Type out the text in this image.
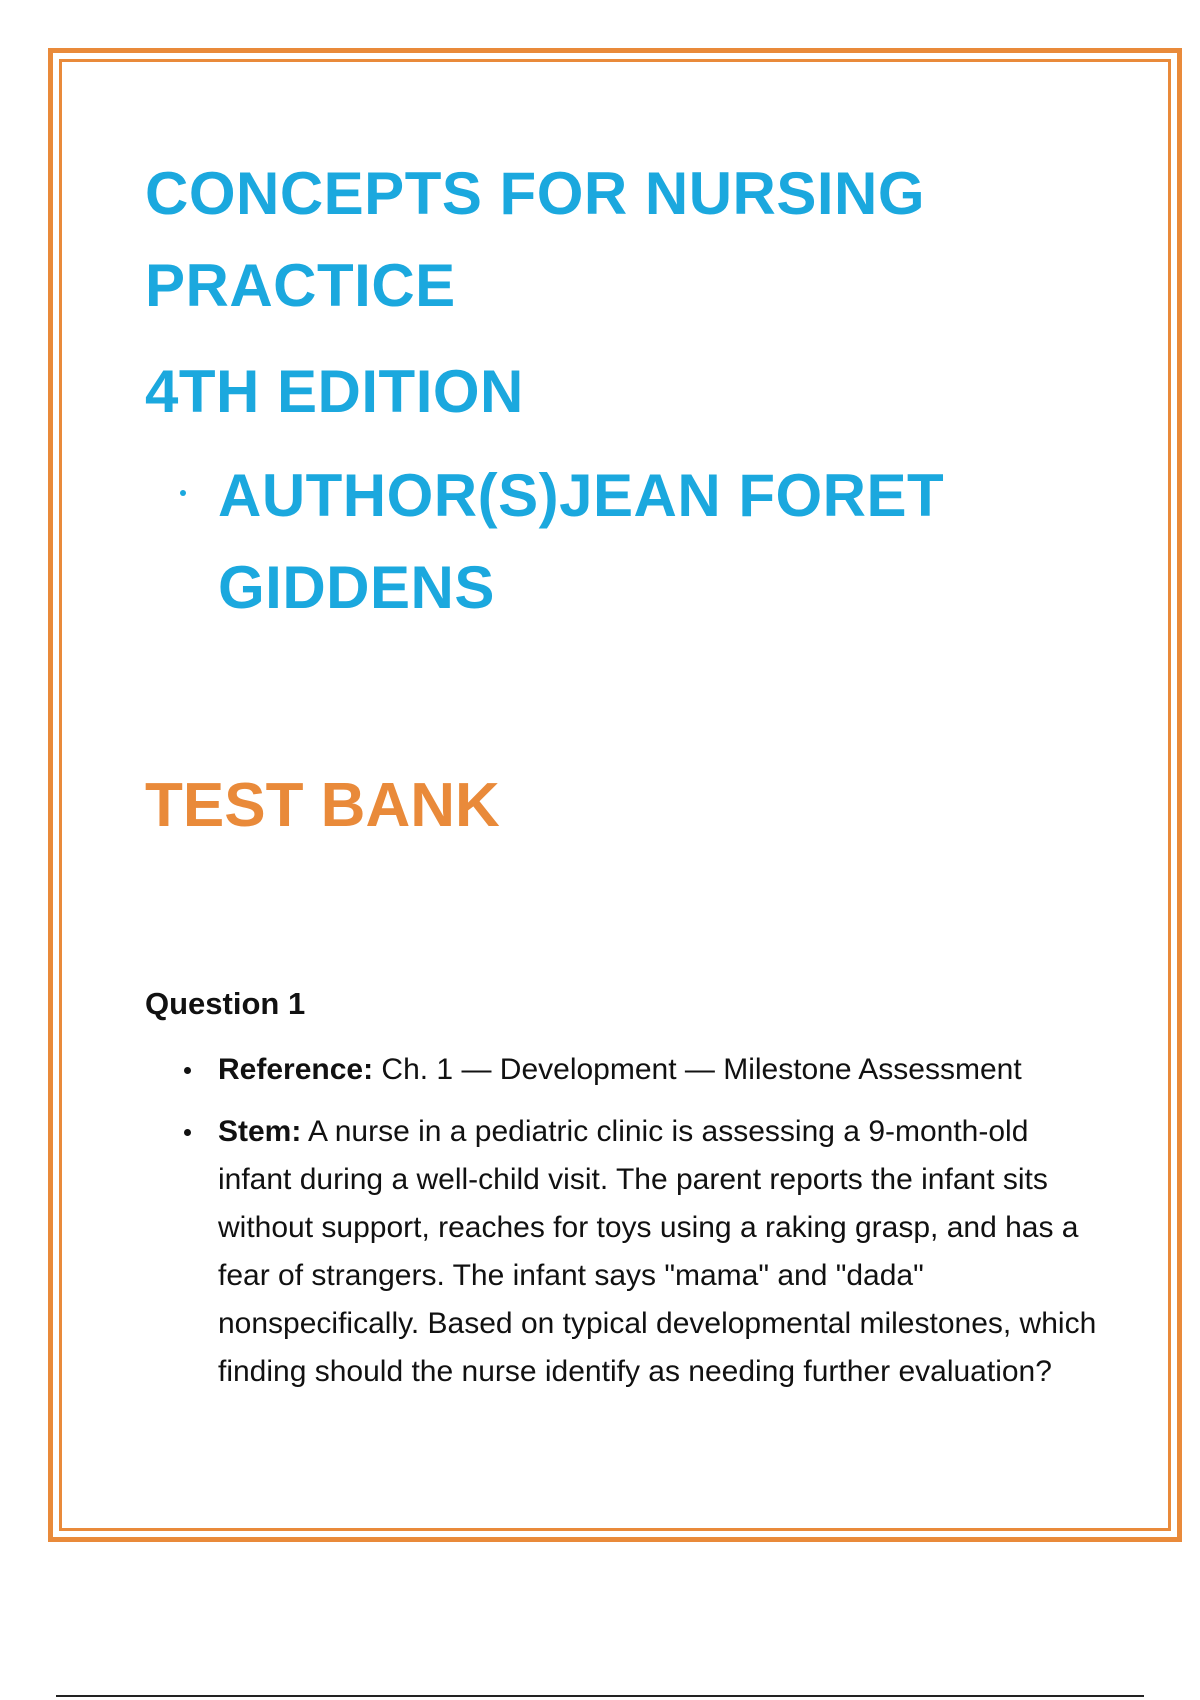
CONCEPTS FOR NURSING
PRACTICE
4TH EDITION
AUTHOR(S)JEAN FORET
GIDDENS
TEST BANK
Question 1
Reference: Ch. 1 — Development — Milestone Assessment
Stem: A nurse in a pediatric clinic is assessing a 9-month-old infant during a well-child visit. The parent reports the infant sits without support, reaches for toys using a raking grasp, and has a fear of strangers. The infant says "mama" and "dada" nonspecifically. Based on typical developmental milestones, which finding should the nurse identify as needing further evaluation?
